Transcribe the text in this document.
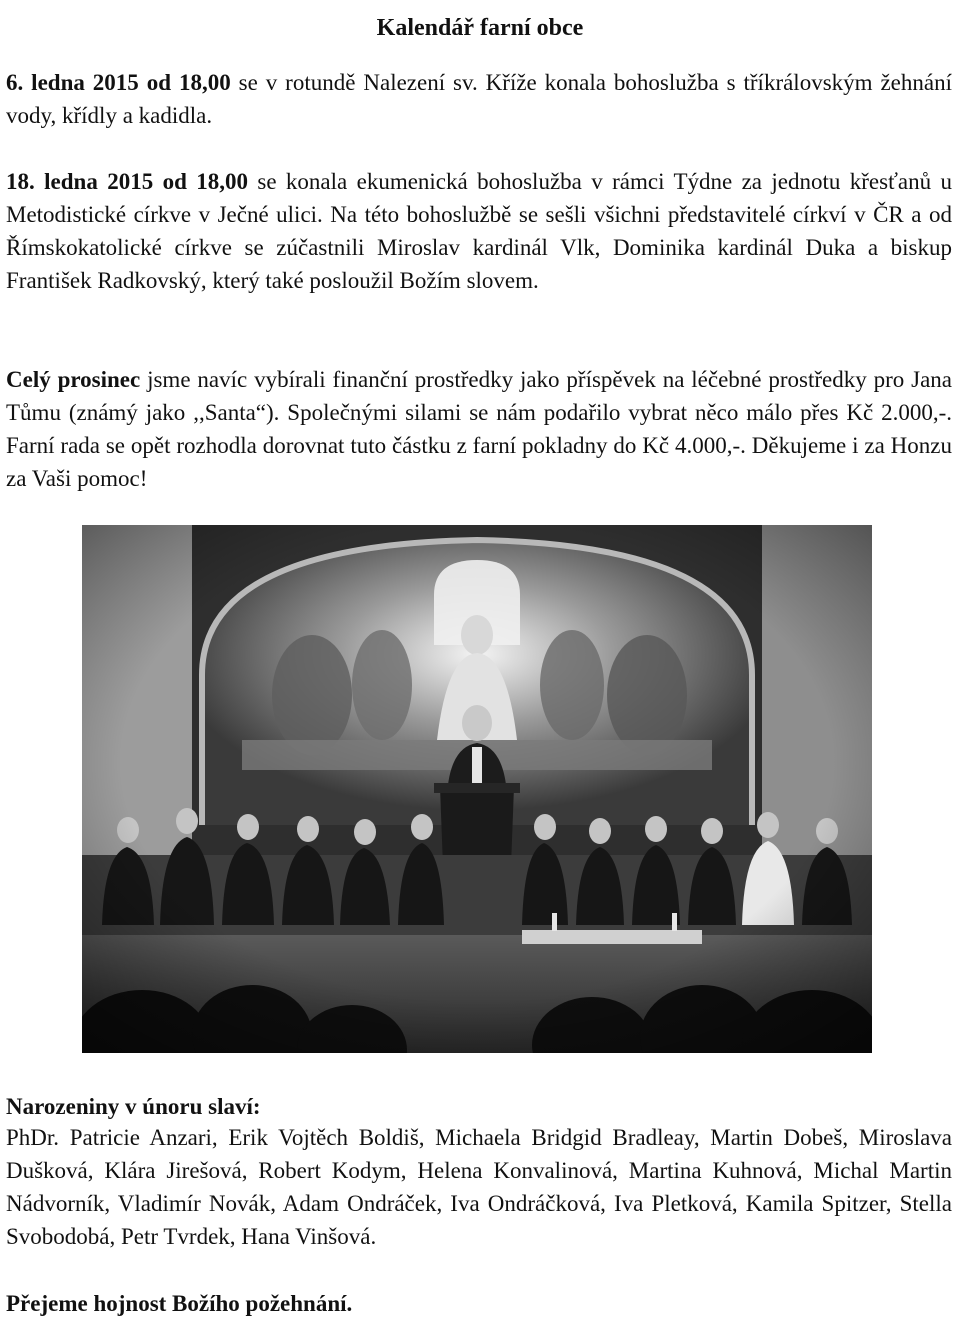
Kalendář farní obce

6. ledna 2015 od 18,00 se v rotundě Nalezení sv. Kříže konala bohoslužba s tříkrálovským žehnání vody, křídly a kadidla.

18. ledna 2015 od 18,00 se konala ekumenická bohoslužba v rámci Týdne za jednotu křesťanů u Metodistické církve v Ječné ulici. Na této bohoslužbě se sešli všichni představitelé církví v ČR a od Římskokatolické církve se zúčastnili Miroslav kardinál Vlk, Dominika kardinál Duka a biskup František Radkovský, který také posloužil Božím slovem.

Celý prosinec jsme navíc vybírali finanční prostředky jako příspěvek na léčebné prostředky pro Jana Tůmu (známý jako ,,Santa“). Společnými silami se nám podařilo vybrat něco málo přes Kč 2.000,-. Farní rada se opět rozhodla dorovnat tuto částku z farní pokladny do Kč 4.000,-. Děkujeme i za Honzu za Vaši pomoc!

Narozeniny v únoru slaví:

PhDr. Patricie Anzari, Erik Vojtěch Boldiš, Michaela Bridgid Bradleay, Martin Dobeš, Miroslava Dušková, Klára Jirešová, Robert Kodym, Helena Konvalinová, Martina Kuhnová, Michal Martin Nádvorník, Vladimír Novák, Adam Ondráček, Iva Ondráčková, Iva Pletková, Kamila Spitzer, Stella Svobodobá, Petr Tvrdek, Hana Vinšová.

Přejeme hojnost Božího požehnání.
